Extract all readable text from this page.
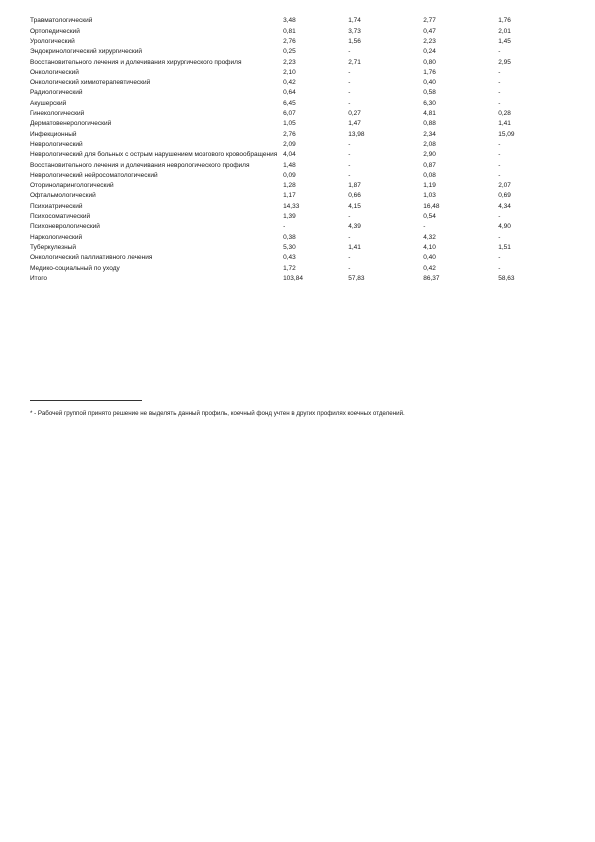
Травматологический	3,48	1,74	2,77	1,76
Ортопедический	0,81	3,73	0,47	2,01
Урологический	2,76	1,56	2,23	1,45
Эндокринологический хирургический	0,25	-	0,24	-
Восстановительного лечения и долечивания хирургического профиля	2,23	2,71	0,80	2,95
Онкологический	2,10	-	1,76	-
Онкологический химиотерапевтический	0,42	-	0,40	-
Радиологический	0,64	-	0,58	-
Акушерский	6,45	-	6,30	-
Гинекологический	6,07	0,27	4,81	0,28
Дерматовенерологический	1,05	1,47	0,88	1,41
Инфекционный	2,76	13,98	2,34	15,09
Неврологический	2,09	-	2,08	-
Неврологический для больных с острым нарушением мозгового кровообращения	4,04	-	2,90	-
Восстановительного лечения и долечивания неврологического профиля	1,48	-	0,87	-
Неврологический нейросоматологический	0,09	-	0,08	-
Оториноларингологический	1,28	1,87	1,19	2,07
Офтальмологический	1,17	0,66	1,03	0,69
Психиатрический	14,33	4,15	16,48	4,34
Психосоматический	1,39	-	0,54	-
Психоневрологический	-	4,39	-	4,90
Наркологический	0,38	-	4,32	-
Туберкулезный	5,30	1,41	4,10	1,51
Онкологический паллиативного лечения	0,43	-	0,40	-
Медико-социальный по уходу	1,72	-	0,42	-
Итого	103,84	57,83	86,37	58,63
* - Рабочей группой принято решение не выделять данный профиль, коечный фонд учтен в других профилях коечных отделений.
